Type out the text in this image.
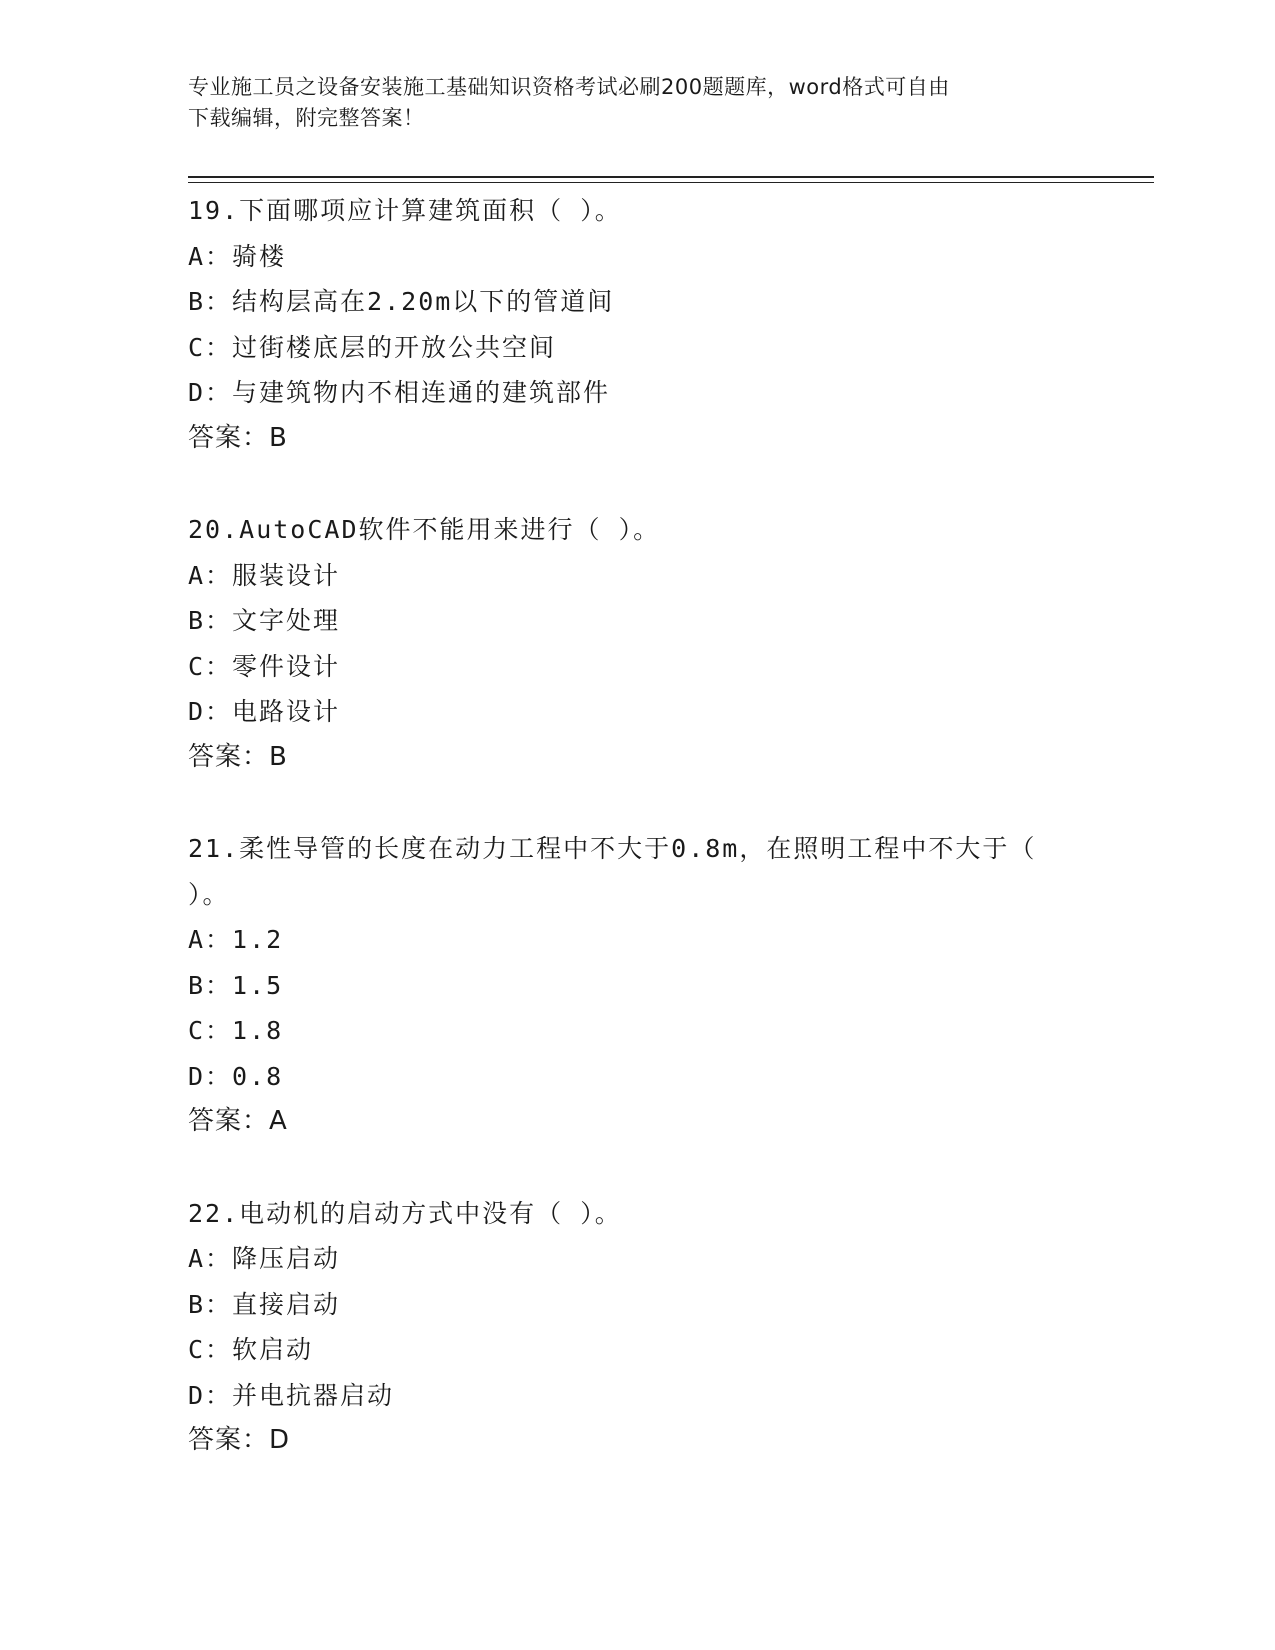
专业施工员之设备安装施工基础知识资格考试必刷200题题库，word格式可自由
下载编辑，附完整答案！
19.下面哪项应计算建筑面积（ ）。
A：骑楼
B：结构层高在2.20m以下的管道间
C：过街楼底层的开放公共空间
D：与建筑物内不相连通的建筑部件
答案：B
20.AutoCAD软件不能用来进行（ ）。
A：服装设计
B：文字处理
C：零件设计
D：电路设计
答案：B
21.柔性导管的长度在动力工程中不大于0.8m，在照明工程中不大于（ ）。
A：1.2
B：1.5
C：1.8
D：0.8
答案：A
22.电动机的启动方式中没有（ ）。
A：降压启动
B：直接启动
C：软启动
D：并电抗器启动
答案：D
